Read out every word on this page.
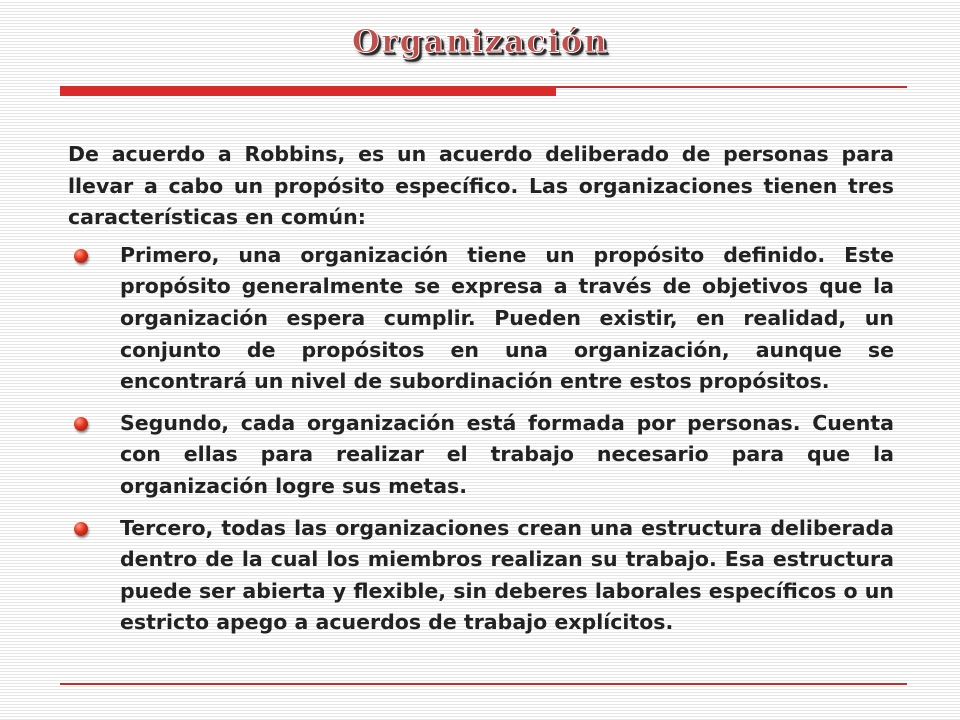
Organización

De acuerdo a Robbins, es un acuerdo deliberado de personas para llevar a cabo un propósito específico. Las organizaciones tienen tres características en común:

Primero, una organización tiene un propósito definido. Este propósito generalmente se expresa a través de objetivos que la organización espera cumplir. Pueden existir, en realidad, un conjunto de propósitos en una organización, aunque se encontrará un nivel de subordinación entre estos propósitos.
Segundo, cada organización está formada por personas. Cuenta con ellas para realizar el trabajo necesario para que la organización logre sus metas.
Tercero, todas las organizaciones crean una estructura deliberada dentro de la cual los miembros realizan su trabajo. Esa estructura puede ser abierta y flexible, sin deberes laborales específicos o un estricto apego a acuerdos de trabajo explícitos.
